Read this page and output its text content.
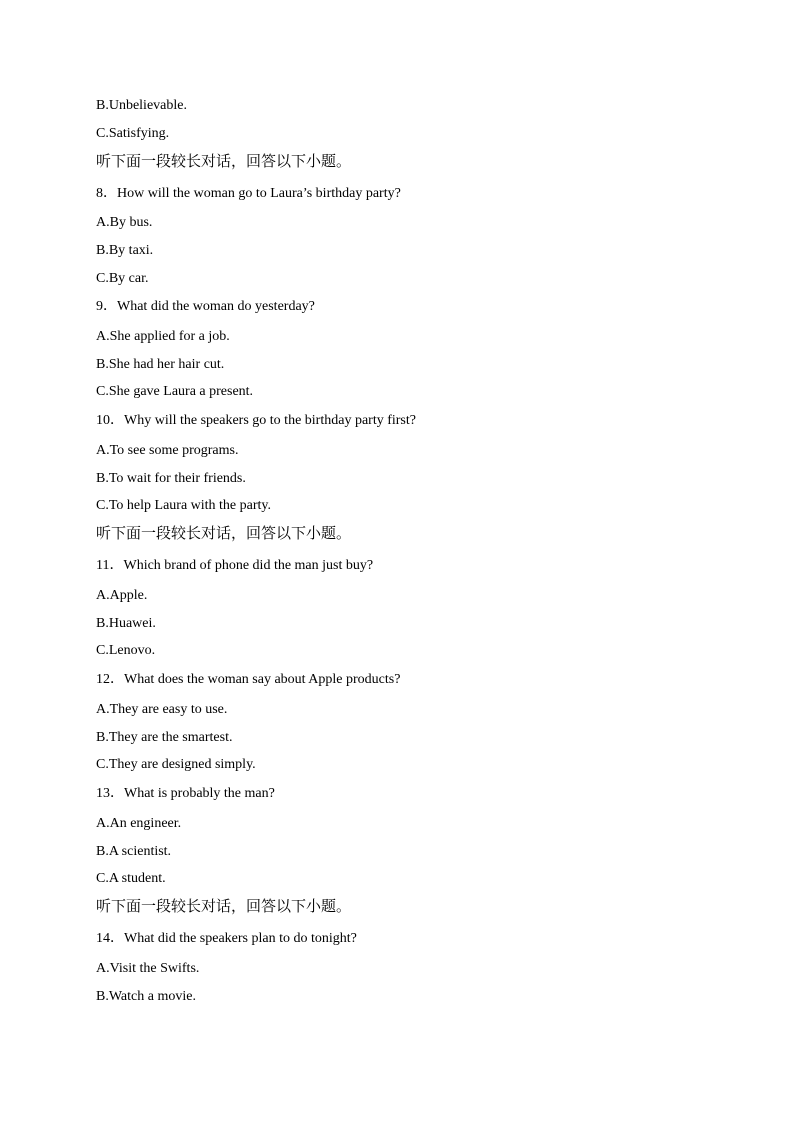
B.Unbelievable.
C.Satisfying.
听下面一段较长对话，回答以下小题。
8．How will the woman go to Laura’s birthday party?
A.By bus.
B.By taxi.
C.By car.
9．What did the woman do yesterday?
A.She applied for a job.
B.She had her hair cut.
C.She gave Laura a present.
10．Why will the speakers go to the birthday party first?
A.To see some programs.
B.To wait for their friends.
C.To help Laura with the party.
听下面一段较长对话，回答以下小题。
11．Which brand of phone did the man just buy?
A.Apple.
B.Huawei.
C.Lenovo.
12．What does the woman say about Apple products?
A.They are easy to use.
B.They are the smartest.
C.They are designed simply.
13．What is probably the man?
A.An engineer.
B.A scientist.
C.A student.
听下面一段较长对话，回答以下小题。
14．What did the speakers plan to do tonight?
A.Visit the Swifts.
B.Watch a movie.
